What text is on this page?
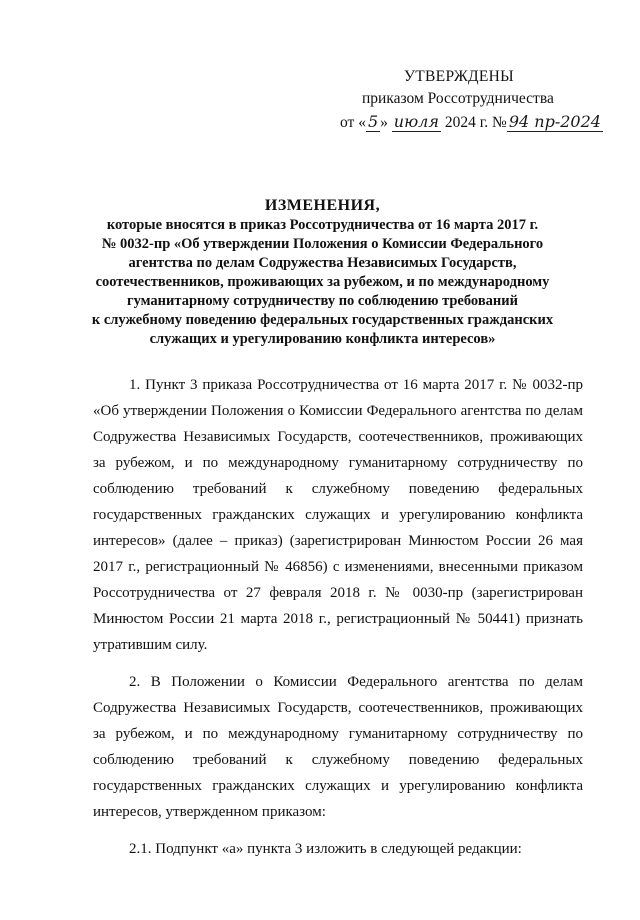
УТВЕРЖДЕНЫ
приказом Россотрудничества
от « 5 » июля 2024 г. № 94 пр-2024
ИЗМЕНЕНИЯ,
которые вносятся в приказ Россотрудничества от 16 марта 2017 г.
№ 0032-пр «Об утверждении Положения о Комиссии Федерального
агентства по делам Содружества Независимых Государств,
соотечественников, проживающих за рубежом, и по международному
гуманитарному сотрудничеству по соблюдению требований
к служебному поведению федеральных государственных гражданских
служащих и урегулированию конфликта интересов»

1. Пункт 3 приказа Россотрудничества от 16 марта 2017 г. № 0032-пр «Об утверждении Положения о Комиссии Федерального агентства по делам Содружества Независимых Государств, соотечественников, проживающих за рубежом, и по международному гуманитарному сотрудничеству по соблюдению требований к служебному поведению федеральных государственных гражданских служащих и урегулированию конфликта интересов» (далее – приказ) (зарегистрирован Минюстом России 26 мая 2017 г., регистрационный № 46856) с изменениями, внесенными приказом Россотрудничества от 27 февраля 2018 г. № 0030-пр (зарегистрирован Минюстом России 21 марта 2018 г., регистрационный № 50441) признать утратившим силу.

2. В Положении о Комиссии Федерального агентства по делам Содружества Независимых Государств, соотечественников, проживающих за рубежом, и по международному гуманитарному сотрудничеству по соблюдению требований к служебному поведению федеральных государственных гражданских служащих и урегулированию конфликта интересов, утвержденном приказом:

2.1. Подпункт «а» пункта 3 изложить в следующей редакции:
